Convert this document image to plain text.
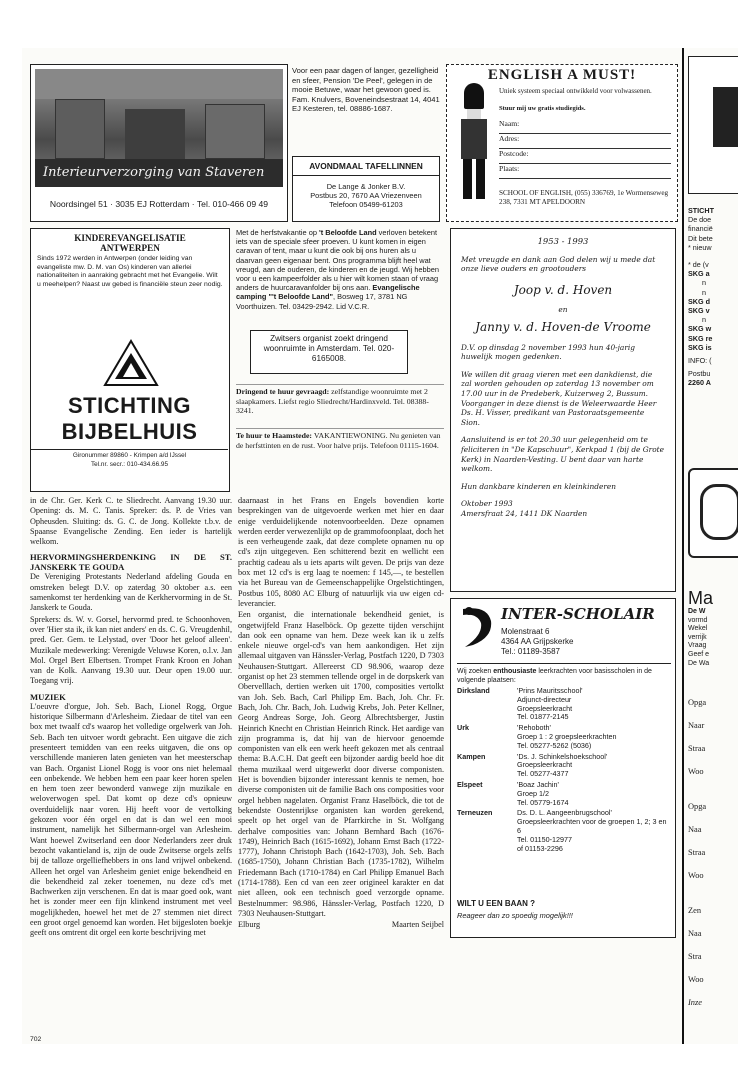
Interieurverzorging van Staveren
Noordsingel 51 · 3035 EJ Rotterdam · Tel. 010-466 09 49
Voor een paar dagen of langer, gezelligheid en sfeer, Pension 'De Peel', gelegen in de mooie Betuwe, waar het gewoon goed is. Fam. Knulvers, Boveneindsestraat 14, 4041 EJ Kesteren, tel. 08886-1687.
AVONDMAAL TAFELLINNEN
De Lange & Jonker B.V.
Postbus 20, 7670 AA Vriezenveen
Telefoon 05499-61203
ENGLISH A MUST!
Uniek systeem speciaal ontwikkeld voor volwassenen.
Stuur mij uw gratis studiegids.
Naam:
Adres:
Postcode:
Plaats:
SCHOOL OF ENGLISH, (055) 336769, 1e Wormenseweg 238, 7331 MT APELDOORN
KINDEREVANGELISATIE
ANTWERPEN
Sinds 1972 werden in Antwerpen (onder leiding van evangeliste mw. D. M. van Os) kinderen van allerlei nationaliteiten in aanraking gebracht met het Evangelie. Wilt u meehelpen? Naast uw gebed is financiële steun zeer nodig.
STICHTING
BIJBELHUIS
Gironummer 89860 - Krimpen a/d IJssel
Tel.nr. secr.: 010-434.66.95
Met de herfstvakantie op 't Beloofde Land verloven betekent iets van de speciale sfeer proeven. U kunt komen in eigen caravan of tent, maar u kunt die ook bij ons huren als u daarvan geen eigenaar bent. Ons programma blijft heel wat vreugd, aan de ouderen, de kinderen en de jeugd. Wij hebben voor u een kampeerfolder als u hier wilt komen staan of vraag anders de huurcaravanfolder bij ons aan. Evangelische camping "'t Beloofde Land", Bosweg 17, 3781 NG Voorthuizen. Tel. 03429-2942. Lid V.C.R.
Zwitsers organist zoekt dringend woonruimte in Amsterdam. Tel. 020-6165008.
Dringend te huur gevraagd: zelfstandige woonruimte met 2 slaapkamers. Liefst regio Sliedrecht/Hardinxveld. Tel. 08388-3241.
Te huur te Haamstede: VAKANTIEWONING. Nu genieten van de herfsttinten en de rust. Voor halve prijs. Telefoon 01115-1604.
1953 - 1993
Met vreugde en dank aan God delen wij u mede dat onze lieve ouders en grootouders
Joop v. d. Hoven
en
Janny v. d. Hoven-de Vroome
D.V. op dinsdag 2 november 1993 hun 40-jarig huwelijk mogen gedenken.
We willen dit graag vieren met een dankdienst, die zal worden gehouden op zaterdag 13 november om 17.00 uur in de Predeberk, Kuizerweg 2, Bussum. Voorganger in deze dienst is de Weleerwaarde Heer Ds. H. Visser, predikant van Pastoraatsgemeente Sion.
Aansluitend is er tot 20.30 uur gelegenheid om te feliciteren in "De Kapschuur", Kerkpad 1 (bij de Grote Kerk) in Naarden-Vesting. U bent daar van harte welkom.
Hun dankbare kinderen en kleinkinderen
Oktober 1993
Amersfraat 24, 1411 DK Naarden
INTER-SCHOLAIR
Molenstraat 6
4364 AA Grijpskerke
Tel.: 01189-3587
Wij zoeken enthousiaste leerkrachten voor basisscholen in de volgende plaatsen:
Dirksland	'Prins Mauritsschool'
Adjunct-directeur
Groepsleerkracht
Tel. 01877-2145
Urk	'Rehoboth'
Groep 1 : 2 groepsleerkrachten
Tel. 05277-5262 (5036)
Kampen	'Ds. J. Schinkelshoekschool'
Groepsleerkracht
Tel. 05277-4377
Elspeet	'Boaz Jachin'
Groep 1/2
Tel. 05779-1674
Terneuzen	Ds. D. L. Aangeenbrugschool'
Groepsleerkrachten voor de groepen 1, 2; 3 en 6
Tel. 01150-12977
of 01153-2296
WILT U EEN BAAN ?
Reageer dan zo spoedig mogelijk!!!

in de Chr. Ger. Kerk C. te Sliedrecht. Aanvang 19.30 uur. Opening: ds. M. C. Tanis. Spreker: ds. P. de Vries van Opheusden. Sluiting: ds. G. C. de Jong. Kollekte t.b.v. de Spaanse Evangelische Zending. Een ieder is hartelijk welkom.

HERVORMINGSHERDENKING IN DE ST. JANSKERK TE GOUDA

De Vereniging Protestants Nederland afdeling Gouda en omstreken belegt D.V. op zaterdag 30 oktober a.s. een samenkomst ter herdenking van de Kerkhervorming in de St. Janskerk te Gouda.

Sprekers: ds. W. v. Gorsel, hervormd pred. te Schoonhoven, over 'Hier sta ik, ik kan niet anders' en ds. C. G. Vreugdenhil, pred. Ger. Gem. te Lelystad, over 'Door het geloof alleen'. Muzikale medewerking: Verenigde Veluwse Koren, o.l.v. Jan Mol. Orgel Bert Elbertsen. Trompet Frank Kroon en Johan van de Kolk. Aanvang 19.30 uur. Deur open 19.00 uur. Toegang vrij.

MUZIEK

L'oeuvre d'orgue, Joh. Seb. Bach, Lionel Rogg, Orgue historique Silbermann d'Arlesheim. Ziedaar de titel van een box met twaalf cd's waarop het volledige orgelwerk van Joh. Seb. Bach ten uitvoer wordt gebracht. Een uitgave die zich presenteert temidden van een reeks uitgaven, die ons op verschillende manieren laten genieten van het meesterschap van Bach. Organist Lionel Rogg is voor ons niet helemaal een onbekende. We hebben hem een paar keer horen spelen en hem toen zeer bewonderd vanwege zijn muzikale en weloverwogen spel. Dat komt op deze cd's opnieuw overduidelijk naar voren. Hij heeft voor de vertolking gekozen voor één orgel en dat is dan wel een mooi instrument, namelijk het Silbermann-orgel van Arlesheim. Want hoewel Zwitserland een door Nederlanders zeer druk bezocht vakantieland is, zijn de oude Zwitserse orgels zelfs bij de talloze orgelliefhebbers in ons land vrijwel onbekend. Alleen het orgel van Arlesheim geniet enige bekendheid en die bekendheid zal zeker toenemen, nu deze cd's met Bachwerken zijn verschenen. En dat is maar goed ook, want het is zonder meer een fijn klinkend instrument met veel mogelijkheden, hoewel het met de 27 stemmen niet direct een groot orgel genoemd kan worden. Het bijgesloten boekje geeft ons omtrent dit orgel een korte beschrijving met

daarnaast in het Frans en Engels bovendien korte besprekingen van de uitgevoerde werken met hier en daar enige verduidelijkende notenvoorbeelden. Deze opnamen werden eerder verwezenlijkt op de grammofoonplaat, doch het is een verheugende zaak, dat deze complete opnamen nu op cd's zijn uitgegeven. Een schitterend bezit en wellicht een prachtig cadeau als u iets aparts wilt geven. De prijs van deze box met 12 cd's is erg laag te noemen: f 145,—, te bestellen via het Bureau van de Gemeenschappelijke Orgelstichtingen, Postbus 105, 8080 AC Elburg of natuurlijk via uw eigen cd-leverancier.

Een organist, die internationale bekendheid geniet, is ongetwijfeld Franz Haselböck. Op gezette tijden verschijnt dan ook een opname van hem. Deze week kan ik u zelfs enkele nieuwe orgel-cd's van hem aankondigen. Het zijn allemaal uitgaven van Hänssler-Verlag, Postfach 1220, D 7303 Neuhausen-Stuttgart. Allereerst CD 98.906, waarop deze organist op het 23 stemmen tellende orgel in de dorpskerk van Obervelllach, dertien werken uit 1700, composities vertolkt van Joh. Seb. Bach, Carl Philipp Em. Bach, Joh. Chr. Fr. Bach, Joh. Chr. Bach, Joh. Ludwig Krebs, Joh. Peter Kellner, Georg Andreas Sorge, Joh. Georg Albrechtsberger, Justin Heinrich Knecht en Christian Heinrich Rinck. Het aardige van zijn programma is, dat hij van de hiervoor genoemde componisten van elk een werk heeft gekozen met als centraal thema: B.A.C.H. Dat geeft een bijzonder aardig beeld hoe dit thema muzikaal werd uitgewerkt door diverse componisten. Het is bovendien bijzonder interessant kennis te nemen, hoe diverse componisten uit de familie Bach ons composities voor orgel hebben nagelaten. Organist Franz Haselböck, die tot de bekendste Oostenrijkse organisten kan worden gerekend, speelt op het orgel van de Pfarrkirche in St. Wolfgang derhalve composities van: Johann Bernhard Bach (1676-1749), Heinrich Bach (1615-1692), Johann Ernst Bach (1722-1777), Johann Christoph Bach (1642-1703), Joh. Seb. Bach (1685-1750), Johann Christian Bach (1735-1782), Wilhelm Friedemann Bach (1710-1784) en Carl Philipp Emanuel Bach (1714-1788). Een cd van een zeer origineel karakter en dat niet alleen, ook een technisch goed verzorgde opname. Bestelnummer: 98.986, Hänssler-Verlag, Postfach 1220, D 7303 Neuhausen-Stuttgart.

Elburg	Maarten Seijbel
702
STICHT
De doe
financië
Dit bete
* nieuw
* de (v
SKG a
n
n
SKG d
SKG v
n
SKG w
SKG re
SKG is
INFO: (
Postbu
2260 A
Ma
De W
vormd
Wekel
verrijk
Vraag
Geef e
De Wa
Opga
Naar
Straa
Woo
Opga
Naa
Straa
Woo
Zen
Naa
Stra
Woo
Inze
